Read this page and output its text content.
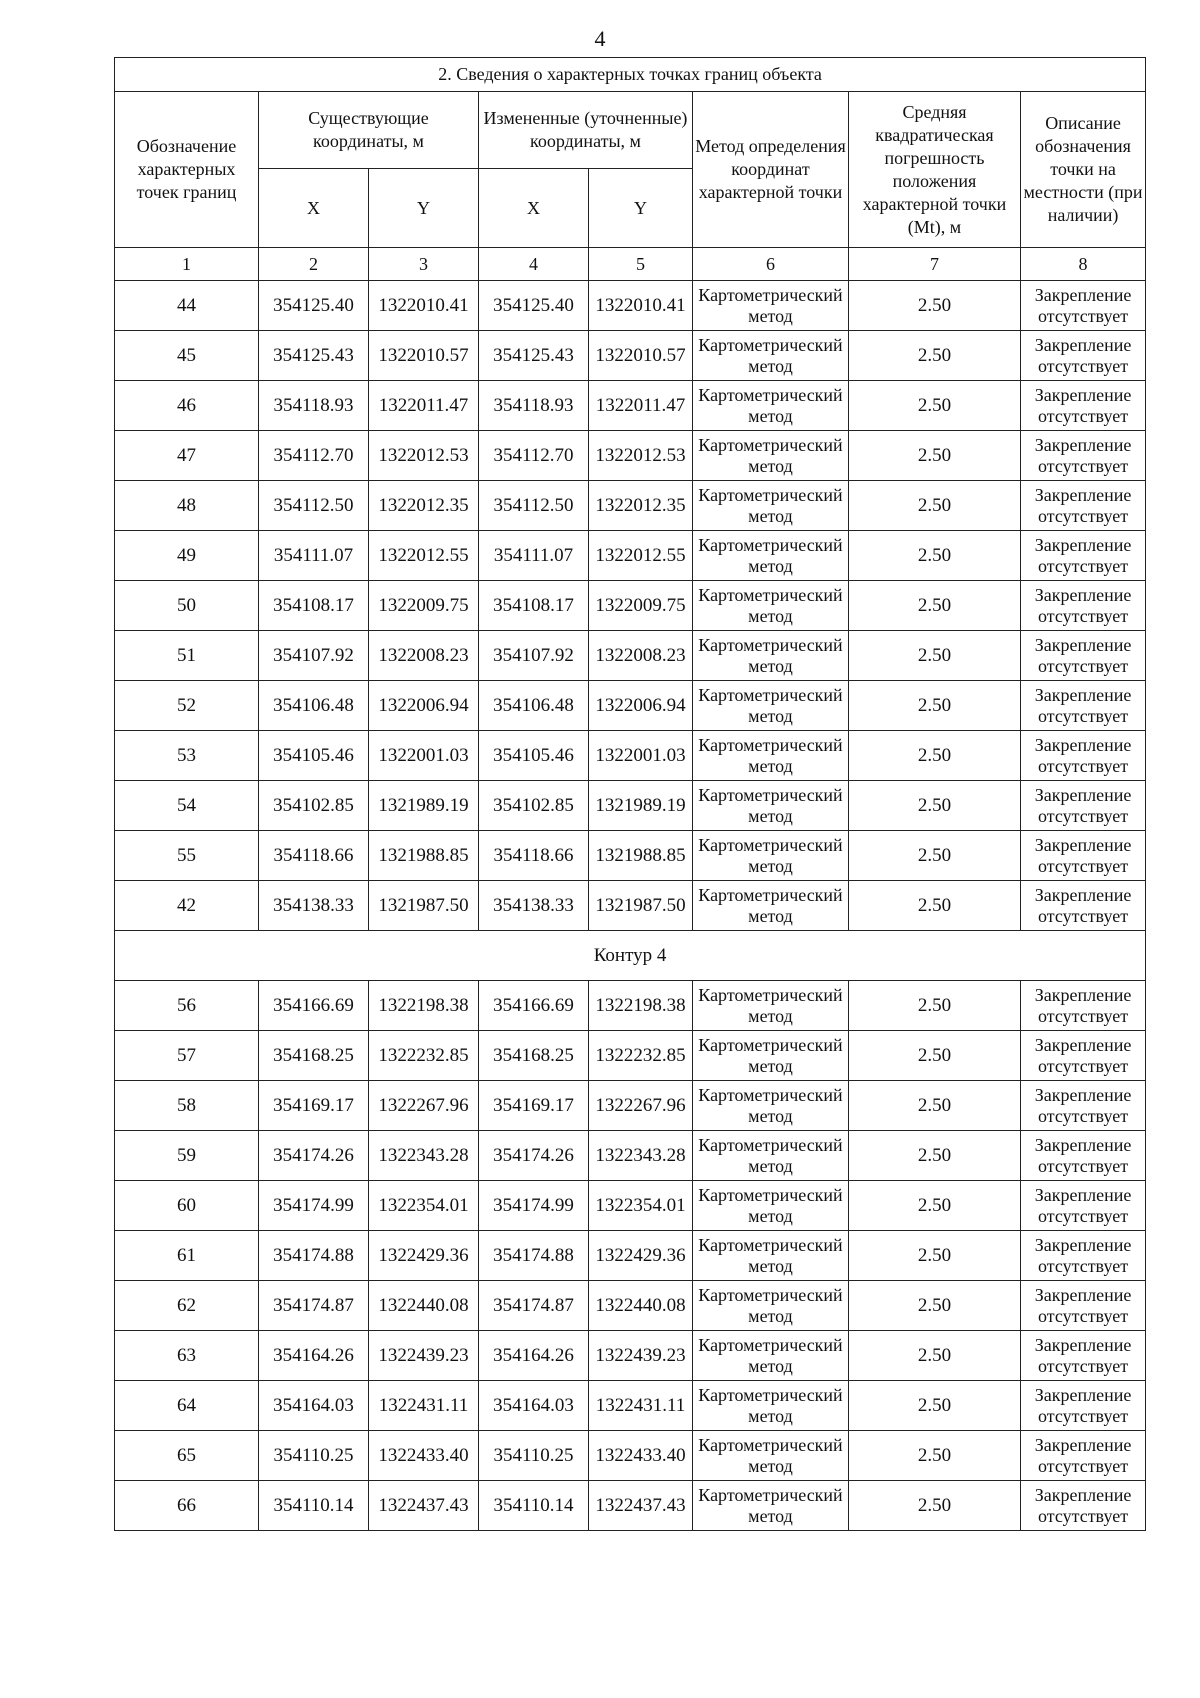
4
2. Сведения о характерных точках границ объекта							
Обозначение характерных точек границ	Существующие координаты, м		Измененные (уточненные) координаты, м		Метод определения координат характерной точки	Средняя квадратическая погрешность положения характерной точки (Mt), м	Описание обозначения точки на местности (при наличии)
	X	Y	X	Y			
1	2	3	4	5	6	7	8
44	354125.40	1322010.41	354125.40	1322010.41	Картометрический метод	2.50	Закрепление отсутствует
45	354125.43	1322010.57	354125.43	1322010.57	Картометрический метод	2.50	Закрепление отсутствует
46	354118.93	1322011.47	354118.93	1322011.47	Картометрический метод	2.50	Закрепление отсутствует
47	354112.70	1322012.53	354112.70	1322012.53	Картометрический метод	2.50	Закрепление отсутствует
48	354112.50	1322012.35	354112.50	1322012.35	Картометрический метод	2.50	Закрепление отсутствует
49	354111.07	1322012.55	354111.07	1322012.55	Картометрический метод	2.50	Закрепление отсутствует
50	354108.17	1322009.75	354108.17	1322009.75	Картометрический метод	2.50	Закрепление отсутствует
51	354107.92	1322008.23	354107.92	1322008.23	Картометрический метод	2.50	Закрепление отсутствует
52	354106.48	1322006.94	354106.48	1322006.94	Картометрический метод	2.50	Закрепление отсутствует
53	354105.46	1322001.03	354105.46	1322001.03	Картометрический метод	2.50	Закрепление отсутствует
54	354102.85	1321989.19	354102.85	1321989.19	Картометрический метод	2.50	Закрепление отсутствует
55	354118.66	1321988.85	354118.66	1321988.85	Картометрический метод	2.50	Закрепление отсутствует
42	354138.33	1321987.50	354138.33	1321987.50	Картометрический метод	2.50	Закрепление отсутствует
Контур 4							
56	354166.69	1322198.38	354166.69	1322198.38	Картометрический метод	2.50	Закрепление отсутствует
57	354168.25	1322232.85	354168.25	1322232.85	Картометрический метод	2.50	Закрепление отсутствует
58	354169.17	1322267.96	354169.17	1322267.96	Картометрический метод	2.50	Закрепление отсутствует
59	354174.26	1322343.28	354174.26	1322343.28	Картометрический метод	2.50	Закрепление отсутствует
60	354174.99	1322354.01	354174.99	1322354.01	Картометрический метод	2.50	Закрепление отсутствует
61	354174.88	1322429.36	354174.88	1322429.36	Картометрический метод	2.50	Закрепление отсутствует
62	354174.87	1322440.08	354174.87	1322440.08	Картометрический метод	2.50	Закрепление отсутствует
63	354164.26	1322439.23	354164.26	1322439.23	Картометрический метод	2.50	Закрепление отсутствует
64	354164.03	1322431.11	354164.03	1322431.11	Картометрический метод	2.50	Закрепление отсутствует
65	354110.25	1322433.40	354110.25	1322433.40	Картометрический метод	2.50	Закрепление отсутствует
66	354110.14	1322437.43	354110.14	1322437.43	Картометрический метод	2.50	Закрепление отсутствует
